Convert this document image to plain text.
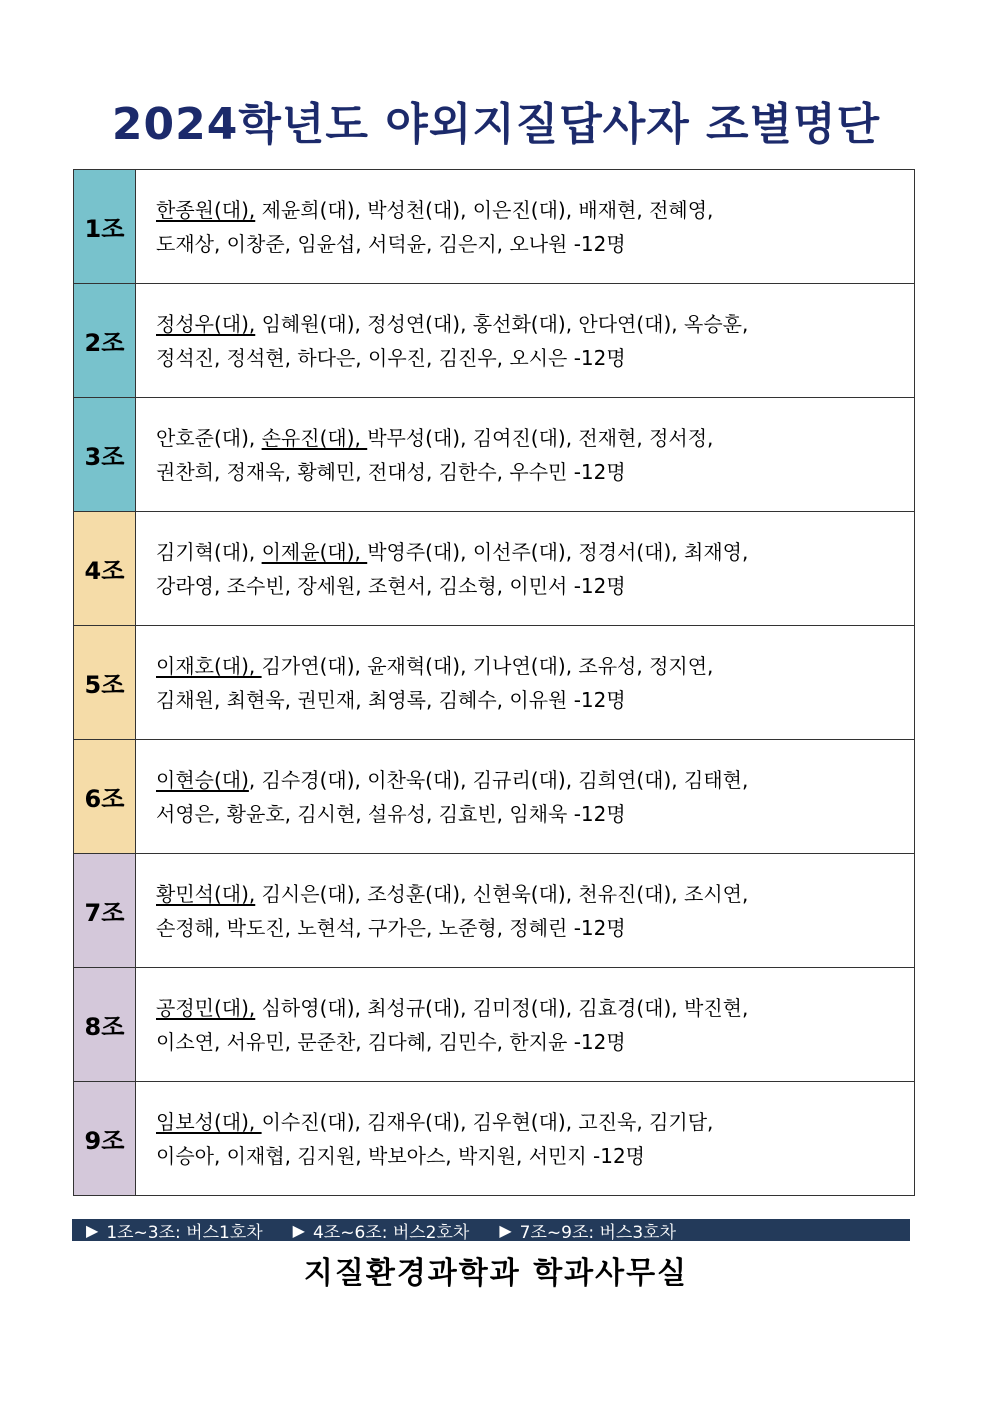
2024학년도 야외지질답사자 조별명단
1조	한종원(대), 제윤희(대), 박성천(대), 이은진(대), 배재현, 전혜영,
도재상, 이창준, 임윤섭, 서덕윤, 김은지, 오나원 -12명

2조	정성우(대), 임혜원(대), 정성연(대), 홍선화(대), 안다연(대), 옥승훈,
정석진, 정석현, 하다은, 이우진, 김진우, 오시은 -12명

3조	안호준(대), 손유진(대), 박무성(대), 김여진(대), 전재현, 정서정,
권찬희, 정재욱, 황혜민, 전대성, 김한수, 우수민 -12명

4조	김기혁(대), 이제윤(대), 박영주(대), 이선주(대), 정경서(대), 최재영,
강라영, 조수빈, 장세원, 조현서, 김소형, 이민서 -12명

5조	이재호(대), 김가연(대), 윤재혁(대), 기나연(대), 조유성, 정지연,
김채원, 최현욱, 권민재, 최영록, 김혜수, 이유원 -12명

6조	이현승(대), 김수경(대), 이찬욱(대), 김규리(대), 김희연(대), 김태현,
서영은, 황윤호, 김시현, 설유성, 김효빈, 임채욱 -12명

7조	황민석(대), 김시은(대), 조성훈(대), 신현욱(대), 천유진(대), 조시연,
손정해, 박도진, 노현석, 구가은, 노준형, 정혜린 -12명

8조	공정민(대), 심하영(대), 최성규(대), 김미정(대), 김효경(대), 박진현,
이소연, 서유민, 문준찬, 김다혜, 김민수, 한지윤 -12명

9조	임보성(대), 이수진(대), 김재우(대), 김우현(대), 고진욱, 김기담,
이승아, 이재협, 김지원, 박보아스, 박지원, 서민지 -12명
▶ 1조~3조: 버스1호차 ▶ 4조~6조: 버스2호차 ▶ 7조~9조: 버스3호차
지질환경과학과 학과사무실
